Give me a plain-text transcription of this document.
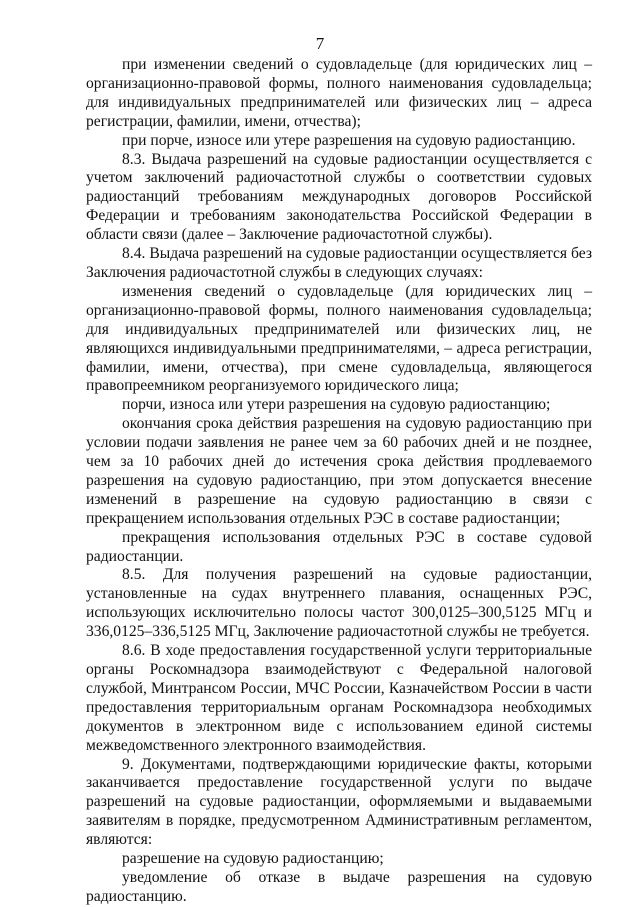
7

при изменении сведений о судовладельце (для юридических лиц – организационно-правовой формы, полного наименования судовладельца; для индивидуальных предпринимателей или физических лиц – адреса регистрации, фамилии, имени, отчества);

при порче, износе или утере разрешения на судовую радиостанцию.

8.3. Выдача разрешений на судовые радиостанции осуществляется с учетом заключений радиочастотной службы о соответствии судовых радиостанций требованиям международных договоров Российской Федерации и требованиям законодательства Российской Федерации в области связи (далее – Заключение радиочастотной службы).

8.4. Выдача разрешений на судовые радиостанции осуществляется без Заключения радиочастотной службы в следующих случаях:

изменения сведений о судовладельце (для юридических лиц – организационно-правовой формы, полного наименования судовладельца; для индивидуальных предпринимателей или физических лиц, не являющихся индивидуальными предпринимателями, – адреса регистрации, фамилии, имени, отчества), при смене судовладельца, являющегося правопреемником реорганизуемого юридического лица;

порчи, износа или утери разрешения на судовую радиостанцию;

окончания срока действия разрешения на судовую радиостанцию при условии подачи заявления не ранее чем за 60 рабочих дней и не позднее, чем за 10 рабочих дней до истечения срока действия продлеваемого разрешения на судовую радиостанцию, при этом допускается внесение изменений в разрешение на судовую радиостанцию в связи с прекращением использования отдельных РЭС в составе радиостанции;

прекращения использования отдельных РЭС в составе судовой радиостанции.

8.5. Для получения разрешений на судовые радиостанции, установленные на судах внутреннего плавания, оснащенных РЭС, использующих исключительно полосы частот 300,0125–300,5125 МГц и 336,0125–336,5125 МГц, Заключение радиочастотной службы не требуется.

8.6. В ходе предоставления государственной услуги территориальные органы Роскомнадзора взаимодействуют с Федеральной налоговой службой, Минтрансом России, МЧС России, Казначейством России в части предоставления территориальным органам Роскомнадзора необходимых документов в электронном виде с использованием единой системы межведомственного электронного взаимодействия.

9. Документами, подтверждающими юридические факты, которыми заканчивается предоставление государственной услуги по выдаче разрешений на судовые радиостанции, оформляемыми и выдаваемыми заявителям в порядке, предусмотренном Административным регламентом, являются:

разрешение на судовую радиостанцию;

уведомление об отказе в выдаче разрешения на судовую радиостанцию.
